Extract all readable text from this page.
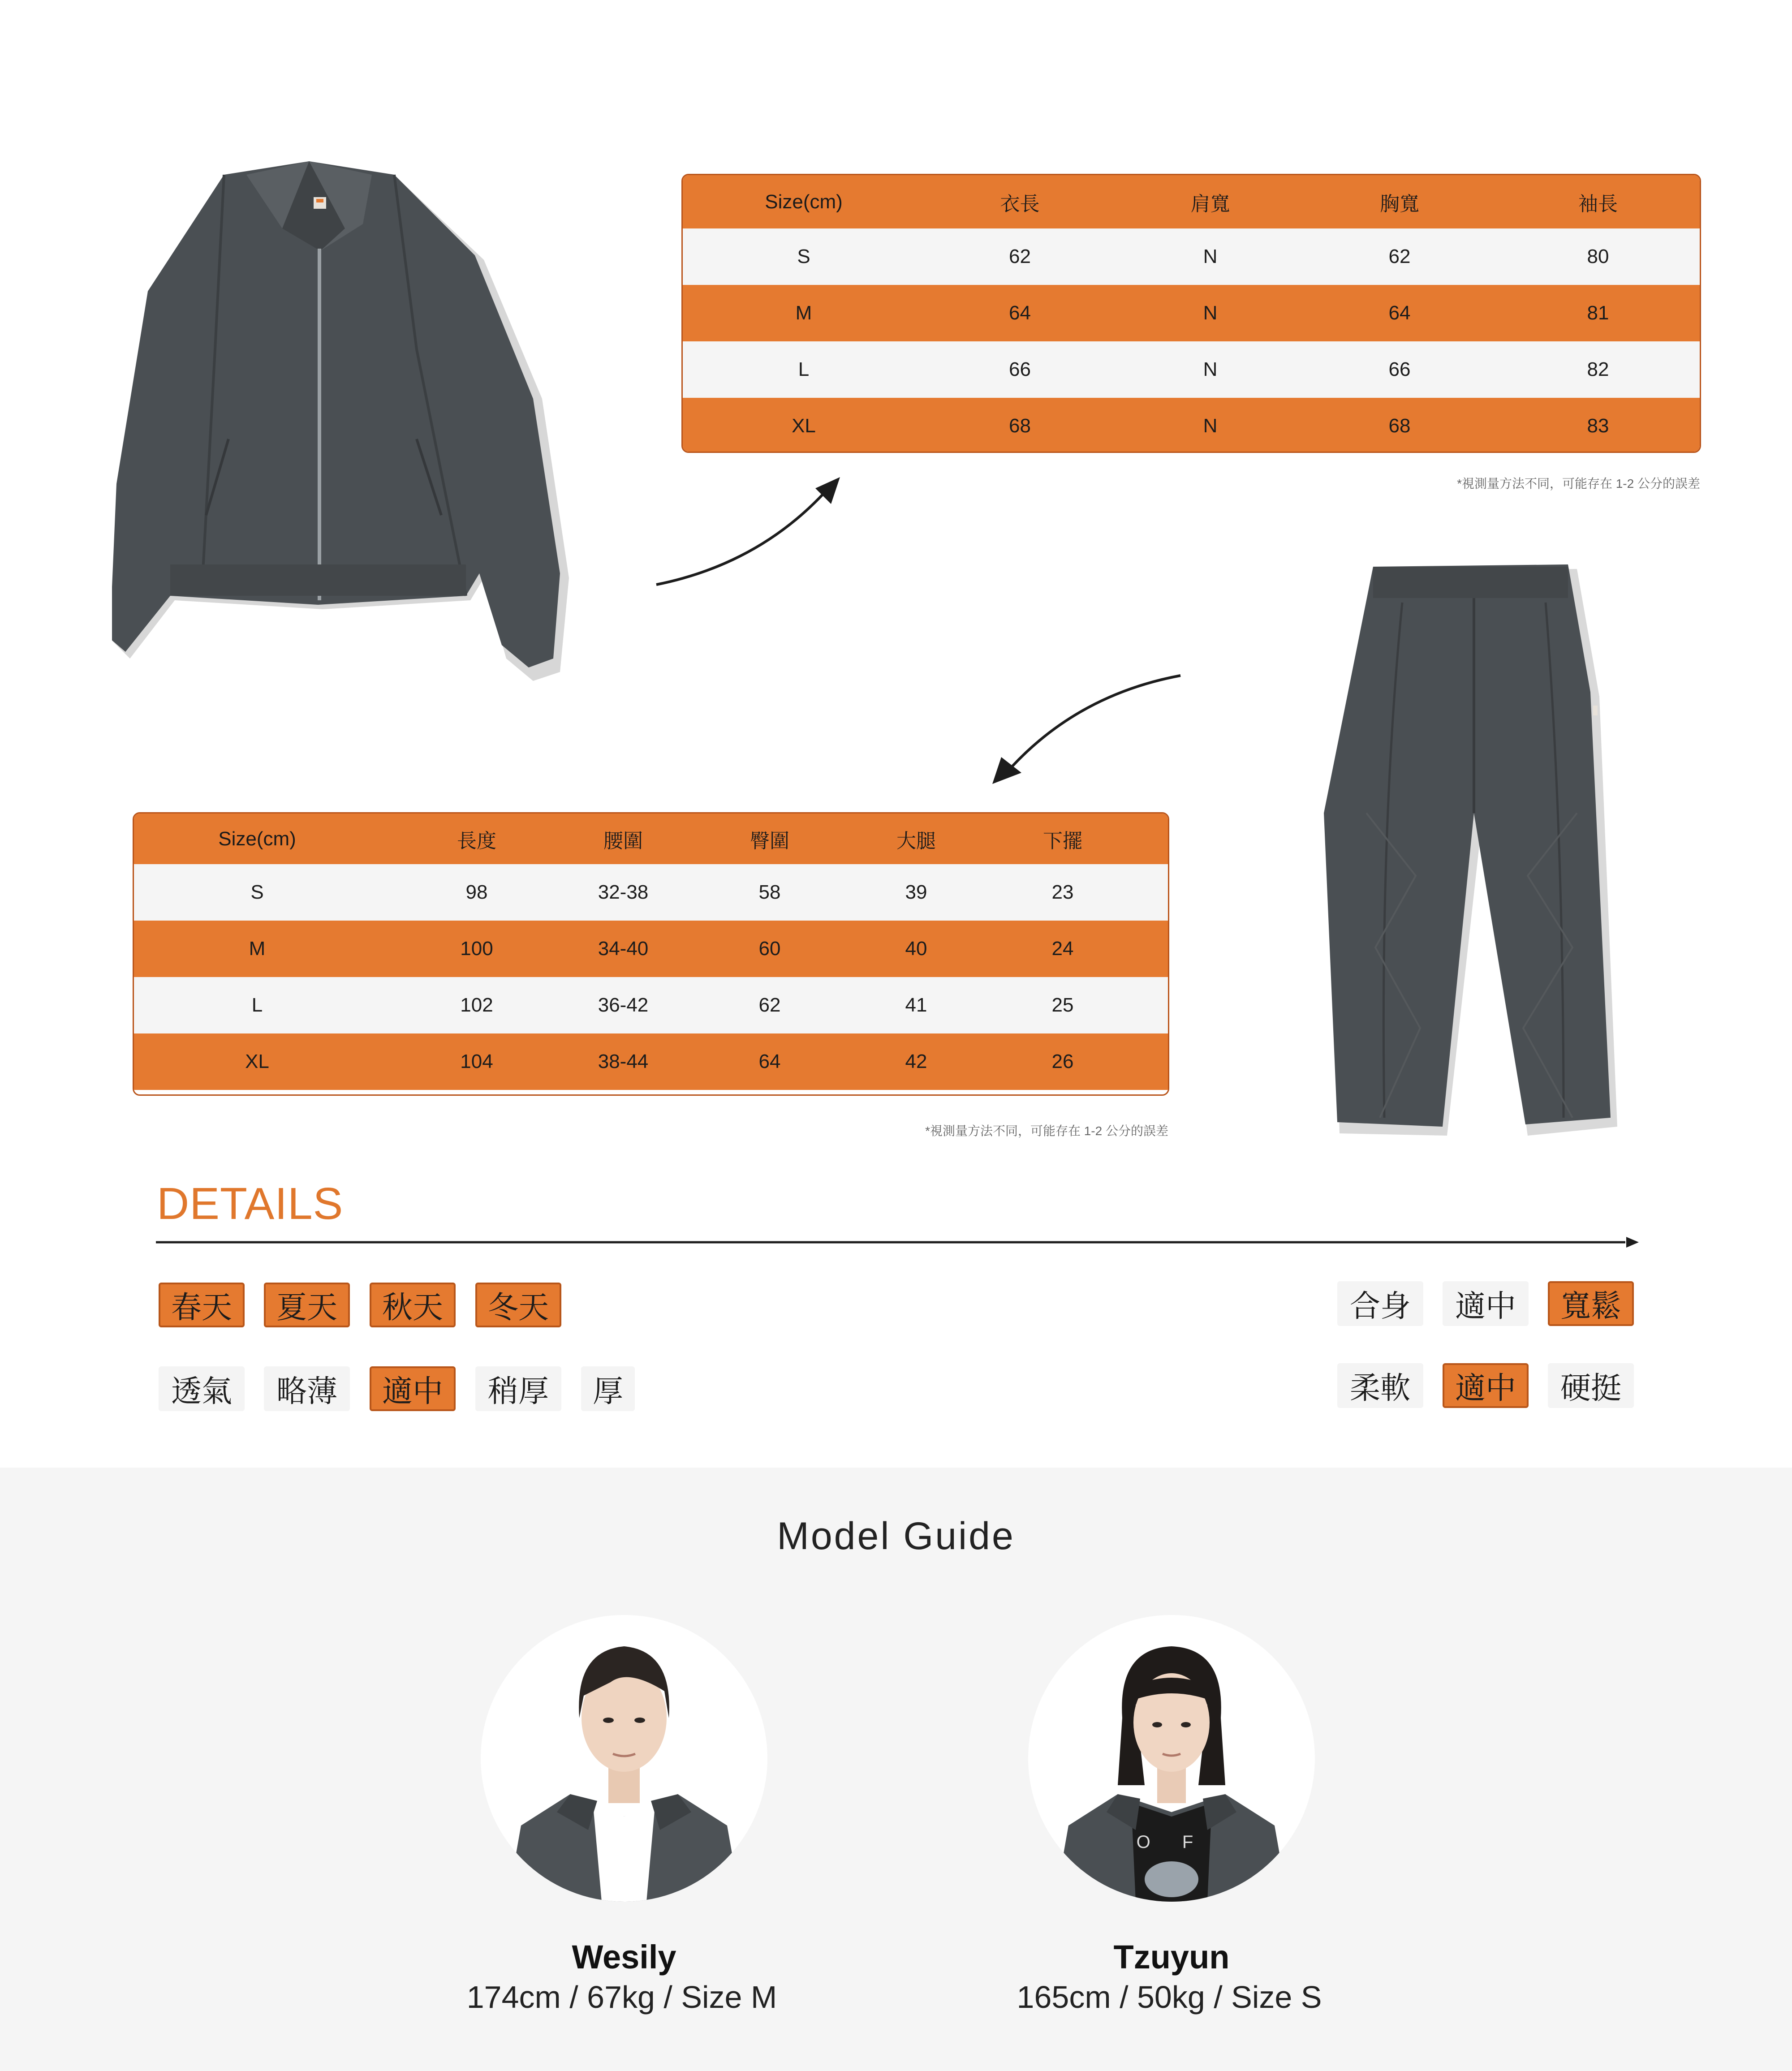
Size(cm)	衣長	肩寬	胸寬	袖長
S	62	N	62	80
M	64	N	64	81
L	66	N	66	82
XL	68	N	68	83
*視測量方法不同，可能存在 1-2 公分的誤差
Size(cm)	長度	腰圍	臀圍	大腿	下擺
S	98	32-38	58	39	23
M	100	34-40	60	40	24
L	102	36-42	62	41	25
XL	104	38-44	64	42	26
*視測量方法不同，可能存在 1-2 公分的誤差
DETAILS
春天	夏天	秋天	冬天
透氣	略薄	適中	稍厚	厚
合身	適中	寬鬆
柔軟	適中	硬挺
Model Guide
Wesily
174cm / 67kg / Size M
O F
Tzuyun
165cm / 50kg / Size S
